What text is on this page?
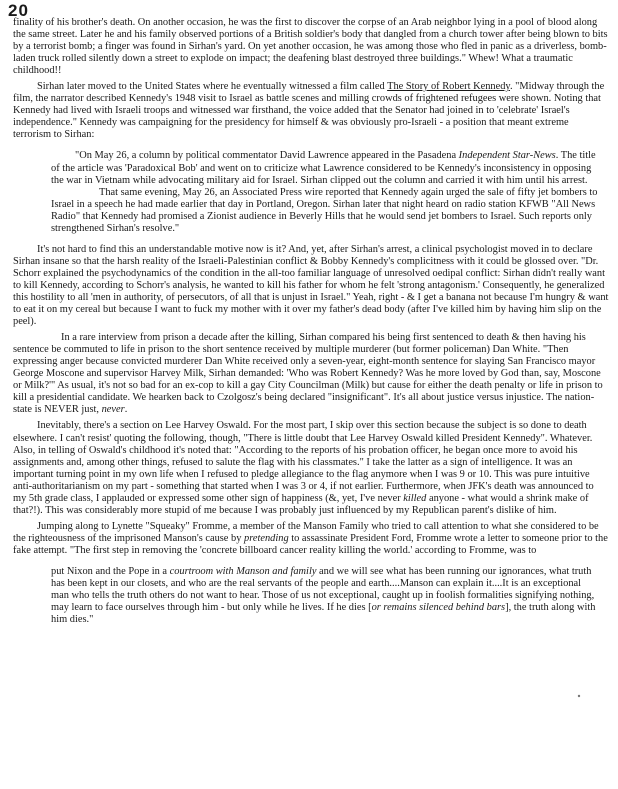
20

finality of his brother's death. On another occasion, he was the first to discover the corpse of an Arab neighbor lying in a pool of blood along the same street. Later he and his family observed portions of a British soldier's body that dangled from a church tower after being blown to bits by a terrorist bomb; a finger was found in Sirhan's yard. On yet another occasion, he was among those who fled in panic as a driverless, bomb-laden truck rolled silently down a street to explode on impact; the deafening blast destroyed three buildings." Whew! What a traumatic childhood!!

Sirhan later moved to the United States where he eventually witnessed a film called The Story of Robert Kennedy. "Midway through the film, the narrator described Kennedy's 1948 visit to Israel as battle scenes and milling crowds of frightened refugees were shown. Noting that Kennedy had lived with Israeli troops and witnessed war firsthand, the voice added that the Senator had joined in to 'celebrate' Israel's independence." Kennedy was campaigning for the presidency for himself & was obviously pro-Israeli - a position that meant extreme terrorism to Sirhan:

"On May 26, a column by political commentator David Lawrence appeared in the Pasadena Independent Star-News. The title of the article was 'Paradoxical Bob' and went on to criticize what Lawrence considered to be Kennedy's inconsistency in opposing the war in Vietnam while advocating military aid for Israel. Sirhan clipped out the column and carried it with him until his arrest.

That same evening, May 26, an Associated Press wire reported that Kennedy again urged the sale of fifty jet bombers to Israel in a speech he had made earlier that day in Portland, Oregon. Sirhan later that night heard on radio station KFWB "All News Radio" that Kennedy had promised a Zionist audience in Beverly Hills that he would send jet bombers to Israel. Such reports only strengthened Sirhan's resolve."

It's not hard to find this an understandable motive now is it? And, yet, after Sirhan's arrest, a clinical psychologist moved in to declare Sirhan insane so that the harsh reality of the Israeli-Palestinian conflict & Bobby Kennedy's complicitness with it could be glossed over. "Dr. Schorr explained the psychodynamics of the condition in the all-too familiar language of unresolved oedipal conflict: Sirhan didn't really want to kill Kennedy, according to Schorr's analysis, he wanted to kill his father for whom he felt 'strong antagonism.' Consequently, he generalized this hostility to all 'men in authority, of persecutors, of all that is unjust in Israel." Yeah, right - & I get a banana not because I'm hungry & want to eat it on my cereal but because I want to fuck my mother with it over my father's dead body (after I've killed him by having him slip on the peel).

In a rare interview from prison a decade after the killing, Sirhan compared his being first sentenced to death & then having his sentence be commuted to life in prison to the short sentence received by multiple murderer (but former policeman) Dan White. "Then expressing anger because convicted murderer Dan White received only a seven-year, eight-month sentence for slaying San Francisco mayor George Moscone and supervisor Harvey Milk, Sirhan demanded: 'Who was Robert Kennedy? Was he more loved by God than, say, Moscone or Milk?'" As usual, it's not so bad for an ex-cop to kill a gay City Councilman (Milk) but cause for either the death penalty or life in prison to kill a presidential candidate. We hearken back to Czolgosz's being declared "insignificant". It's all about justice versus injustice. The nation-state is NEVER just, never.

Inevitably, there's a section on Lee Harvey Oswald. For the most part, I skip over this section because the subject is so done to death elsewhere. I can't resist' quoting the following, though, "There is little doubt that Lee Harvey Oswald killed President Kennedy". Whatever. Also, in telling of Oswald's childhood it's noted that: "According to the reports of his probation officer, he began once more to avoid his assignments and, among other things, refused to salute the flag with his classmates." I take the latter as a sign of intelligence. It was an important turning point in my own life when I refused to pledge allegiance to the flag anymore when I was 9 or 10. This was pure intuitive anti-authoritarianism on my part - something that started when I was 3 or 4, if not earlier. Furthermore, when JFK's death was announced to my 5th grade class, I applauded or expressed some other sign of happiness (&, yet, I've never killed anyone - what would a shrink make of that?!). This was considerably more stupid of me because I was probably just influenced by my Republican parent's dislike of him.

Jumping along to Lynette "Squeaky" Fromme, a member of the Manson Family who tried to call attention to what she considered to be the righteousness of the imprisoned Manson's cause by pretending to assassinate President Ford, Fromme wrote a letter to someone prior to the fake attempt. "The first step in removing the 'concrete billboard cancer reality killing the world.' according to Fromme, was to

put Nixon and the Pope in a courtroom with Manson and family and we will see what has been running our ignorances, what truth has been kept in our closets, and who are the real servants of the people and earth....Manson can explain it....It is an exceptional man who tells the truth others do not want to hear. Those of us not exceptional, caught up in foolish formalities signifying nothing, may learn to face ourselves through him - but only while he lives. If he dies [or remains silenced behind bars], the truth along with him dies."
